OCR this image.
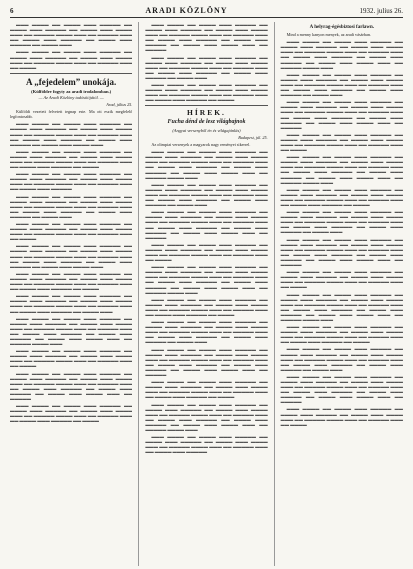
6	ARADI KÖZLÖNY	1932. julius 26.

▬▬▬ ▬▬▬▬ ▬▬ ▬▬▬▬ ▬▬▬ ▬▬▬▬▬ ▬▬ ▬▬▬▬ ▬▬▬ ▬▬▬▬▬ ▬▬ ▬▬▬▬ ▬▬▬ ▬▬▬▬ ▬▬▬ ▬▬ ▬▬▬▬▬ ▬▬▬▬ ▬▬▬ ▬▬ ▬▬▬▬▬ ▬▬▬ ▬▬ ▬▬▬▬ ▬▬▬ ▬▬▬▬▬ ▬▬ ▬▬▬▬ ▬▬▬ ▬▬▬▬▬ ▬▬ ▬▬▬▬ ▬▬▬

▬▬▬ ▬▬▬▬ ▬▬ ▬▬▬▬ ▬▬▬ ▬▬▬▬▬ ▬▬ ▬▬▬▬ ▬▬▬ ▬▬▬▬▬ ▬▬ ▬▬▬▬ ▬▬▬ ▬▬▬▬ ▬▬▬ ▬▬ ▬▬▬▬▬ ▬▬▬▬ ▬▬▬ ▬▬ ▬▬▬▬▬ ▬▬▬ ▬▬ ▬▬▬▬

A „fejedelem” unokája.
(Külföldre fogyty az aradi irodalomban.)
— Az Aradi Közlöny tudósítójától. —
Arad, július 25.

Külföldi vezetett felvetett tegnap este. Ma ott eszik megfelelő legfontosabb.

▬▬▬ ▬▬▬▬ ▬▬ ▬▬▬▬ ▬▬▬ ▬▬▬▬▬ ▬▬ ▬▬▬▬ ▬▬▬ ▬▬▬▬▬ ▬▬ ▬▬▬▬ ▬▬▬ ▬▬▬▬ ▬▬▬ ▬▬ ▬▬▬▬▬ ▬▬▬▬ ▬▬▬ ▬▬ ▬▬▬▬▬ ▬▬▬ ▬▬ ▬▬▬▬ ▬▬▬ ▬▬▬▬▬ ▬▬ ▬▬▬▬ ▬▬▬ ▬▬▬▬▬ ▬▬ ▬▬▬▬ ▬▬▬ ▬▬▬▬ ▬▬▬

▬▬▬ ▬▬▬▬ ▬▬ ▬▬▬▬ ▬▬▬ ▬▬▬▬▬ ▬▬ ▬▬▬▬ ▬▬▬ ▬▬▬▬▬ ▬▬ ▬▬▬▬ ▬▬▬ ▬▬▬▬ ▬▬▬ ▬▬ ▬▬▬▬▬ ▬▬▬▬ ▬▬▬ ▬▬ ▬▬▬▬▬ ▬▬▬ ▬▬ ▬▬▬▬ ▬▬▬ ▬▬▬▬▬ ▬▬ ▬▬▬▬

▬▬▬ ▬▬▬▬ ▬▬ ▬▬▬▬ ▬▬▬ ▬▬▬▬▬ ▬▬ ▬▬▬▬ ▬▬▬ ▬▬▬▬▬ ▬▬ ▬▬▬▬ ▬▬▬ ▬▬▬▬ ▬▬▬ ▬▬ ▬▬▬▬▬ ▬▬▬▬ ▬▬▬ ▬▬ ▬▬▬▬▬ ▬▬▬ ▬▬ ▬▬▬▬ ▬▬▬ ▬▬▬▬▬

▬▬▬ ▬▬▬▬ ▬▬ ▬▬▬▬ ▬▬▬ ▬▬▬▬▬ ▬▬ ▬▬▬▬ ▬▬▬ ▬▬▬▬▬ ▬▬ ▬▬▬▬ ▬▬▬ ▬▬▬▬ ▬▬▬ ▬▬ ▬▬▬▬▬ ▬▬▬▬ ▬▬▬ ▬▬ ▬▬▬▬▬ ▬▬▬ ▬▬ ▬▬▬▬ ▬▬▬ ▬▬▬▬▬ ▬▬ ▬▬▬▬ ▬▬▬ ▬▬▬▬▬ ▬▬ ▬▬▬▬ ▬▬▬

▬▬▬ ▬▬▬▬ ▬▬ ▬▬▬▬ ▬▬▬ ▬▬▬▬▬ ▬▬ ▬▬▬▬ ▬▬▬ ▬▬▬▬▬ ▬▬ ▬▬▬▬ ▬▬▬ ▬▬▬▬ ▬▬▬ ▬▬ ▬▬▬▬▬ ▬▬▬▬ ▬▬▬ ▬▬ ▬▬▬▬▬ ▬▬▬ ▬▬ ▬▬▬▬

▬▬▬ ▬▬▬▬ ▬▬ ▬▬▬▬ ▬▬▬ ▬▬▬▬▬ ▬▬ ▬▬▬▬ ▬▬▬ ▬▬▬▬▬ ▬▬ ▬▬▬▬ ▬▬▬ ▬▬▬▬ ▬▬▬ ▬▬ ▬▬▬▬▬ ▬▬▬▬ ▬▬▬ ▬▬ ▬▬▬▬▬ ▬▬▬ ▬▬ ▬▬▬▬ ▬▬▬ ▬▬▬▬▬ ▬▬ ▬▬▬▬ ▬▬▬ ▬▬▬▬▬ ▬▬ ▬▬▬▬ ▬▬▬ ▬▬▬▬ ▬▬▬

▬▬▬ ▬▬▬▬ ▬▬ ▬▬▬▬ ▬▬▬ ▬▬▬▬▬ ▬▬ ▬▬▬▬ ▬▬▬ ▬▬▬▬▬ ▬▬ ▬▬▬▬ ▬▬▬ ▬▬▬▬ ▬▬▬ ▬▬ ▬▬▬▬▬ ▬▬▬▬ ▬▬▬ ▬▬ ▬▬▬▬▬ ▬▬▬ ▬▬ ▬▬▬▬ ▬▬▬ ▬▬▬▬▬ ▬▬ ▬▬▬▬

▬▬▬ ▬▬▬▬ ▬▬ ▬▬▬▬ ▬▬▬ ▬▬▬▬▬ ▬▬ ▬▬▬▬ ▬▬▬ ▬▬▬▬▬ ▬▬ ▬▬▬▬ ▬▬▬ ▬▬▬▬ ▬▬▬ ▬▬ ▬▬▬▬▬ ▬▬▬▬ ▬▬▬ ▬▬ ▬▬▬▬▬ ▬▬▬ ▬▬ ▬▬▬▬ ▬▬▬ ▬▬▬▬▬ ▬▬ ▬▬▬▬ ▬▬▬

▬▬▬ ▬▬▬▬ ▬▬ ▬▬▬▬ ▬▬▬ ▬▬▬▬▬ ▬▬ ▬▬▬▬ ▬▬▬ ▬▬▬▬▬ ▬▬ ▬▬▬▬ ▬▬▬ ▬▬▬▬ ▬▬▬ ▬▬ ▬▬▬▬▬ ▬▬▬▬ ▬▬▬ ▬▬ ▬▬▬▬▬ ▬▬▬ ▬▬ ▬▬▬▬ ▬▬▬ ▬▬▬▬▬ ▬▬ ▬▬▬▬ ▬▬▬ ▬▬▬▬▬ ▬▬ ▬▬▬▬ ▬▬▬ ▬▬▬▬ ▬▬▬ ▬▬ ▬▬▬▬▬ ▬▬▬▬ ▬▬▬

▬▬▬ ▬▬▬▬ ▬▬ ▬▬▬▬ ▬▬▬ ▬▬▬▬▬ ▬▬ ▬▬▬▬ ▬▬▬ ▬▬▬▬▬ ▬▬ ▬▬▬▬ ▬▬▬ ▬▬▬▬ ▬▬▬ ▬▬ ▬▬▬▬▬ ▬▬▬▬ ▬▬▬ ▬▬ ▬▬▬▬▬ ▬▬▬ ▬▬ ▬▬▬▬

▬▬▬ ▬▬▬▬ ▬▬ ▬▬▬▬ ▬▬▬ ▬▬▬▬▬ ▬▬ ▬▬▬▬ ▬▬▬ ▬▬▬▬▬ ▬▬ ▬▬▬▬ ▬▬▬ ▬▬▬▬ ▬▬▬ ▬▬ ▬▬▬▬▬ ▬▬▬▬ ▬▬▬ ▬▬ ▬▬▬▬▬ ▬▬▬ ▬▬ ▬▬▬▬ ▬▬▬ ▬▬▬▬▬ ▬▬ ▬▬▬▬ ▬▬▬ ▬▬▬▬▬ ▬▬ ▬▬▬▬ ▬▬▬ ▬▬▬▬ ▬▬▬ ▬▬ ▬▬▬▬▬

▬▬▬ ▬▬▬▬ ▬▬ ▬▬▬▬ ▬▬▬ ▬▬▬▬▬ ▬▬ ▬▬▬▬ ▬▬▬ ▬▬▬▬▬ ▬▬ ▬▬▬▬ ▬▬▬ ▬▬▬▬ ▬▬▬ ▬▬ ▬▬▬▬▬ ▬▬▬▬ ▬▬▬ ▬▬ ▬▬▬▬▬ ▬▬▬ ▬▬ ▬▬▬▬ ▬▬▬ ▬▬▬▬▬ ▬▬ ▬▬▬▬

▬▬▬ ▬▬▬▬ ▬▬ ▬▬▬▬ ▬▬▬ ▬▬▬▬▬ ▬▬ ▬▬▬▬ ▬▬▬ ▬▬▬▬▬ ▬▬ ▬▬▬▬ ▬▬▬ ▬▬▬▬ ▬▬▬ ▬▬ ▬▬▬▬▬ ▬▬▬▬ ▬▬▬ ▬▬ ▬▬▬▬▬ ▬▬▬ ▬▬ ▬▬▬▬ ▬▬▬ ▬▬▬▬▬ ▬▬ ▬▬▬▬ ▬▬▬ ▬▬▬▬▬ ▬▬ ▬▬▬▬ ▬▬▬ ▬▬▬▬ ▬▬▬ ▬▬ ▬▬▬▬▬

▬▬▬ ▬▬▬▬ ▬▬ ▬▬▬▬ ▬▬▬ ▬▬▬▬▬ ▬▬ ▬▬▬▬ ▬▬▬ ▬▬▬▬▬ ▬▬ ▬▬▬▬ ▬▬▬ ▬▬▬▬ ▬▬▬ ▬▬ ▬▬▬▬▬ ▬▬▬▬ ▬▬▬ ▬▬ ▬▬▬▬▬ ▬▬▬ ▬▬ ▬▬▬▬ ▬▬▬ ▬▬▬▬▬ ▬▬ ▬▬▬▬ ▬▬▬ ▬▬▬▬▬ ▬▬ ▬▬▬▬ ▬▬▬

▬▬▬ ▬▬▬▬ ▬▬ ▬▬▬▬ ▬▬▬ ▬▬▬▬▬ ▬▬ ▬▬▬▬ ▬▬▬ ▬▬▬▬▬ ▬▬ ▬▬▬▬ ▬▬▬ ▬▬▬▬ ▬▬▬ ▬▬ ▬▬▬▬▬ ▬▬▬▬ ▬▬▬ ▬▬ ▬▬▬▬▬ ▬▬▬ ▬▬ ▬▬▬▬ ▬▬▬ ▬▬▬▬▬ ▬▬ ▬▬▬▬

HÍREK.
Fucha dénd de lesz világbajnok
(Angyai versenyből én és világajánlás)
Budapest, júl. 25.

Az olimpiai versenyek a magyarok nagy reményei sikerrel.

▬▬▬ ▬▬▬▬ ▬▬ ▬▬▬▬ ▬▬▬ ▬▬▬▬▬ ▬▬ ▬▬▬▬ ▬▬▬ ▬▬▬▬▬ ▬▬ ▬▬▬▬ ▬▬▬ ▬▬▬▬ ▬▬▬ ▬▬ ▬▬▬▬▬ ▬▬▬▬ ▬▬▬ ▬▬ ▬▬▬▬▬ ▬▬▬ ▬▬ ▬▬▬▬ ▬▬▬ ▬▬▬▬▬ ▬▬ ▬▬▬▬ ▬▬▬ ▬▬▬▬▬ ▬▬ ▬▬▬▬ ▬▬▬ ▬▬▬▬ ▬▬▬ ▬▬ ▬▬▬▬▬ ▬▬▬▬ ▬▬▬

▬▬▬ ▬▬▬▬ ▬▬ ▬▬▬▬ ▬▬▬ ▬▬▬▬▬ ▬▬ ▬▬▬▬ ▬▬▬ ▬▬▬▬▬ ▬▬ ▬▬▬▬ ▬▬▬ ▬▬▬▬ ▬▬▬ ▬▬ ▬▬▬▬▬ ▬▬▬▬ ▬▬▬ ▬▬ ▬▬▬▬▬ ▬▬▬ ▬▬ ▬▬▬▬ ▬▬▬ ▬▬▬▬▬ ▬▬ ▬▬▬▬ ▬▬▬ ▬▬▬▬▬ ▬▬ ▬▬▬▬ ▬▬▬

▬▬▬ ▬▬▬▬ ▬▬ ▬▬▬▬ ▬▬▬ ▬▬▬▬▬ ▬▬ ▬▬▬▬ ▬▬▬ ▬▬▬▬▬ ▬▬ ▬▬▬▬ ▬▬▬ ▬▬▬▬ ▬▬▬ ▬▬ ▬▬▬▬▬ ▬▬▬▬ ▬▬▬ ▬▬ ▬▬▬▬▬ ▬▬▬ ▬▬ ▬▬▬▬ ▬▬▬ ▬▬▬▬▬ ▬▬ ▬▬▬▬ ▬▬▬ ▬▬▬▬▬ ▬▬ ▬▬▬▬ ▬▬▬ ▬▬▬▬ ▬▬▬ ▬▬ ▬▬▬▬▬

▬▬▬ ▬▬▬▬ ▬▬ ▬▬▬▬ ▬▬▬ ▬▬▬▬▬ ▬▬ ▬▬▬▬ ▬▬▬ ▬▬▬▬▬ ▬▬ ▬▬▬▬ ▬▬▬ ▬▬▬▬ ▬▬▬ ▬▬ ▬▬▬▬▬ ▬▬▬▬ ▬▬▬ ▬▬ ▬▬▬▬▬ ▬▬▬ ▬▬ ▬▬▬▬

▬▬▬ ▬▬▬▬ ▬▬ ▬▬▬▬ ▬▬▬ ▬▬▬▬▬ ▬▬ ▬▬▬▬ ▬▬▬ ▬▬▬▬▬ ▬▬ ▬▬▬▬ ▬▬▬ ▬▬▬▬ ▬▬▬ ▬▬ ▬▬▬▬▬ ▬▬▬▬ ▬▬▬ ▬▬ ▬▬▬▬▬ ▬▬▬ ▬▬ ▬▬▬▬ ▬▬▬ ▬▬▬▬▬ ▬▬ ▬▬▬▬ ▬▬▬ ▬▬▬▬▬ ▬▬ ▬▬▬▬ ▬▬▬ ▬▬▬▬ ▬▬▬ ▬▬ ▬▬▬▬▬ ▬▬▬▬ ▬▬▬

▬▬▬ ▬▬▬▬ ▬▬ ▬▬▬▬ ▬▬▬ ▬▬▬▬▬ ▬▬ ▬▬▬▬ ▬▬▬ ▬▬▬▬▬ ▬▬ ▬▬▬▬ ▬▬▬ ▬▬▬▬ ▬▬▬ ▬▬ ▬▬▬▬▬ ▬▬▬▬ ▬▬▬ ▬▬ ▬▬▬▬▬ ▬▬▬ ▬▬ ▬▬▬▬ ▬▬▬ ▬▬▬▬▬ ▬▬ ▬▬▬▬

▬▬▬ ▬▬▬▬ ▬▬ ▬▬▬▬ ▬▬▬ ▬▬▬▬▬ ▬▬ ▬▬▬▬ ▬▬▬ ▬▬▬▬▬ ▬▬ ▬▬▬▬ ▬▬▬ ▬▬▬▬ ▬▬▬ ▬▬ ▬▬▬▬▬ ▬▬▬▬ ▬▬▬ ▬▬ ▬▬▬▬▬ ▬▬▬ ▬▬ ▬▬▬▬ ▬▬▬ ▬▬▬▬▬ ▬▬ ▬▬▬▬ ▬▬▬ ▬▬▬▬▬ ▬▬ ▬▬▬▬ ▬▬▬

▬▬▬ ▬▬▬▬ ▬▬ ▬▬▬▬ ▬▬▬ ▬▬▬▬▬ ▬▬ ▬▬▬▬ ▬▬▬ ▬▬▬▬▬ ▬▬ ▬▬▬▬ ▬▬▬ ▬▬▬▬ ▬▬▬ ▬▬ ▬▬▬▬▬ ▬▬▬▬ ▬▬▬ ▬▬ ▬▬▬▬▬ ▬▬▬ ▬▬ ▬▬▬▬ ▬▬▬ ▬▬▬▬▬ ▬▬ ▬▬▬▬ ▬▬▬ ▬▬▬▬▬ ▬▬ ▬▬▬▬ ▬▬▬ ▬▬▬▬ ▬▬▬ ▬▬ ▬▬▬▬▬

▬▬▬ ▬▬▬▬ ▬▬ ▬▬▬▬ ▬▬▬ ▬▬▬▬▬ ▬▬ ▬▬▬▬ ▬▬▬ ▬▬▬▬▬ ▬▬ ▬▬▬▬ ▬▬▬ ▬▬▬▬ ▬▬▬ ▬▬ ▬▬▬▬▬ ▬▬▬▬ ▬▬▬ ▬▬ ▬▬▬▬▬ ▬▬▬ ▬▬ ▬▬▬▬ ▬▬▬ ▬▬▬▬▬ ▬▬ ▬▬▬▬

▬▬▬ ▬▬▬▬ ▬▬ ▬▬▬▬ ▬▬▬ ▬▬▬▬▬ ▬▬ ▬▬▬▬ ▬▬▬ ▬▬▬▬▬ ▬▬ ▬▬▬▬ ▬▬▬ ▬▬▬▬ ▬▬▬ ▬▬ ▬▬▬▬▬ ▬▬▬▬ ▬▬▬ ▬▬ ▬▬▬▬▬ ▬▬▬ ▬▬ ▬▬▬▬ ▬▬▬ ▬▬▬▬▬ ▬▬ ▬▬▬▬ ▬▬▬ ▬▬▬▬▬ ▬▬ ▬▬▬▬ ▬▬▬ ▬▬▬▬ ▬▬▬ ▬▬ ▬▬▬▬▬ ▬▬▬▬ ▬▬▬

▬▬▬ ▬▬▬▬ ▬▬ ▬▬▬▬ ▬▬▬ ▬▬▬▬▬ ▬▬ ▬▬▬▬ ▬▬▬ ▬▬▬▬▬ ▬▬ ▬▬▬▬ ▬▬▬ ▬▬▬▬ ▬▬▬ ▬▬ ▬▬▬▬▬ ▬▬▬▬ ▬▬▬ ▬▬ ▬▬▬▬▬ ▬▬▬ ▬▬ ▬▬▬▬ ▬▬▬ ▬▬▬▬▬

A helyrag-égésbiztosi farlawn.

Mind a menny kanyon menyek, az aradi vásárban.

▬▬▬ ▬▬▬▬ ▬▬ ▬▬▬▬ ▬▬▬ ▬▬▬▬▬ ▬▬ ▬▬▬▬ ▬▬▬ ▬▬▬▬▬ ▬▬ ▬▬▬▬ ▬▬▬ ▬▬▬▬ ▬▬▬ ▬▬ ▬▬▬▬▬ ▬▬▬▬ ▬▬▬ ▬▬ ▬▬▬▬▬ ▬▬▬ ▬▬ ▬▬▬▬ ▬▬▬ ▬▬▬▬▬ ▬▬ ▬▬▬▬ ▬▬▬ ▬▬▬▬▬ ▬▬ ▬▬▬▬ ▬▬▬ ▬▬▬▬ ▬▬▬ ▬▬ ▬▬▬▬▬ ▬▬▬▬ ▬▬▬

▬▬▬ ▬▬▬▬ ▬▬ ▬▬▬▬ ▬▬▬ ▬▬▬▬▬ ▬▬ ▬▬▬▬ ▬▬▬ ▬▬▬▬▬ ▬▬ ▬▬▬▬ ▬▬▬ ▬▬▬▬ ▬▬▬ ▬▬ ▬▬▬▬▬ ▬▬▬▬ ▬▬▬ ▬▬ ▬▬▬▬▬ ▬▬▬ ▬▬ ▬▬▬▬ ▬▬▬ ▬▬▬▬▬ ▬▬ ▬▬▬▬ ▬▬▬ ▬▬▬▬▬ ▬▬ ▬▬▬▬ ▬▬▬

▬▬▬ ▬▬▬▬ ▬▬ ▬▬▬▬ ▬▬▬ ▬▬▬▬▬ ▬▬ ▬▬▬▬ ▬▬▬ ▬▬▬▬▬ ▬▬ ▬▬▬▬ ▬▬▬ ▬▬▬▬ ▬▬▬ ▬▬ ▬▬▬▬▬ ▬▬▬▬ ▬▬▬ ▬▬ ▬▬▬▬▬ ▬▬▬ ▬▬ ▬▬▬▬ ▬▬▬ ▬▬▬▬▬ ▬▬ ▬▬▬▬ ▬▬▬ ▬▬▬▬▬ ▬▬ ▬▬▬▬ ▬▬▬ ▬▬▬▬ ▬▬▬ ▬▬ ▬▬▬▬▬

▬▬▬ ▬▬▬▬ ▬▬ ▬▬▬▬ ▬▬▬ ▬▬▬▬▬ ▬▬ ▬▬▬▬ ▬▬▬ ▬▬▬▬▬ ▬▬ ▬▬▬▬ ▬▬▬ ▬▬▬▬ ▬▬▬ ▬▬ ▬▬▬▬▬ ▬▬▬▬ ▬▬▬ ▬▬ ▬▬▬▬▬ ▬▬▬ ▬▬ ▬▬▬▬

▬▬▬ ▬▬▬▬ ▬▬ ▬▬▬▬ ▬▬▬ ▬▬▬▬▬ ▬▬ ▬▬▬▬ ▬▬▬ ▬▬▬▬▬ ▬▬ ▬▬▬▬ ▬▬▬ ▬▬▬▬ ▬▬▬ ▬▬ ▬▬▬▬▬ ▬▬▬▬ ▬▬▬ ▬▬ ▬▬▬▬▬ ▬▬▬ ▬▬ ▬▬▬▬ ▬▬▬ ▬▬▬▬▬ ▬▬ ▬▬▬▬ ▬▬▬ ▬▬▬▬▬ ▬▬ ▬▬▬▬ ▬▬▬ ▬▬▬▬ ▬▬▬ ▬▬ ▬▬▬▬▬ ▬▬▬▬ ▬▬▬

▬▬▬ ▬▬▬▬ ▬▬ ▬▬▬▬ ▬▬▬ ▬▬▬▬▬ ▬▬ ▬▬▬▬ ▬▬▬ ▬▬▬▬▬ ▬▬ ▬▬▬▬ ▬▬▬ ▬▬▬▬ ▬▬▬ ▬▬ ▬▬▬▬▬ ▬▬▬▬ ▬▬▬ ▬▬ ▬▬▬▬▬ ▬▬▬ ▬▬ ▬▬▬▬ ▬▬▬ ▬▬▬▬▬ ▬▬ ▬▬▬▬

▬▬▬ ▬▬▬▬ ▬▬ ▬▬▬▬ ▬▬▬ ▬▬▬▬▬ ▬▬ ▬▬▬▬ ▬▬▬ ▬▬▬▬▬ ▬▬ ▬▬▬▬ ▬▬▬ ▬▬▬▬ ▬▬▬ ▬▬ ▬▬▬▬▬ ▬▬▬▬ ▬▬▬ ▬▬ ▬▬▬▬▬ ▬▬▬ ▬▬ ▬▬▬▬ ▬▬▬ ▬▬▬▬▬ ▬▬ ▬▬▬▬ ▬▬▬ ▬▬▬▬▬ ▬▬ ▬▬▬▬ ▬▬▬

▬▬▬ ▬▬▬▬ ▬▬ ▬▬▬▬ ▬▬▬ ▬▬▬▬▬ ▬▬ ▬▬▬▬ ▬▬▬ ▬▬▬▬▬ ▬▬ ▬▬▬▬ ▬▬▬ ▬▬▬▬ ▬▬▬ ▬▬ ▬▬▬▬▬ ▬▬▬▬ ▬▬▬ ▬▬ ▬▬▬▬▬ ▬▬▬ ▬▬ ▬▬▬▬ ▬▬▬ ▬▬▬▬▬ ▬▬ ▬▬▬▬ ▬▬▬ ▬▬▬▬▬ ▬▬ ▬▬▬▬ ▬▬▬ ▬▬▬▬ ▬▬▬ ▬▬ ▬▬▬▬▬

▬▬▬ ▬▬▬▬ ▬▬ ▬▬▬▬ ▬▬▬ ▬▬▬▬▬ ▬▬ ▬▬▬▬ ▬▬▬ ▬▬▬▬▬ ▬▬ ▬▬▬▬ ▬▬▬ ▬▬▬▬ ▬▬▬ ▬▬ ▬▬▬▬▬ ▬▬▬▬ ▬▬▬ ▬▬ ▬▬▬▬▬ ▬▬▬ ▬▬ ▬▬▬▬

▬▬▬ ▬▬▬▬ ▬▬ ▬▬▬▬ ▬▬▬ ▬▬▬▬▬ ▬▬ ▬▬▬▬ ▬▬▬ ▬▬▬▬▬ ▬▬ ▬▬▬▬ ▬▬▬ ▬▬▬▬ ▬▬▬ ▬▬ ▬▬▬▬▬ ▬▬▬▬ ▬▬▬ ▬▬ ▬▬▬▬▬ ▬▬▬ ▬▬ ▬▬▬▬ ▬▬▬ ▬▬▬▬▬ ▬▬ ▬▬▬▬ ▬▬▬ ▬▬▬▬▬ ▬▬ ▬▬▬▬ ▬▬▬ ▬▬▬▬ ▬▬▬ ▬▬ ▬▬▬▬▬ ▬▬▬▬ ▬▬▬

▬▬▬ ▬▬▬▬ ▬▬ ▬▬▬▬ ▬▬▬ ▬▬▬▬▬ ▬▬ ▬▬▬▬ ▬▬▬ ▬▬▬▬▬ ▬▬ ▬▬▬▬ ▬▬▬ ▬▬▬▬ ▬▬▬ ▬▬ ▬▬▬▬▬ ▬▬▬▬ ▬▬▬ ▬▬ ▬▬▬▬▬ ▬▬▬ ▬▬ ▬▬▬▬ ▬▬▬ ▬▬▬▬▬ ▬▬ ▬▬▬▬

▬▬▬ ▬▬▬▬ ▬▬ ▬▬▬▬ ▬▬▬ ▬▬▬▬▬ ▬▬ ▬▬▬▬ ▬▬▬ ▬▬▬▬▬ ▬▬ ▬▬▬▬ ▬▬▬ ▬▬▬▬ ▬▬▬ ▬▬ ▬▬▬▬▬ ▬▬▬▬ ▬▬▬ ▬▬ ▬▬▬▬▬ ▬▬▬ ▬▬ ▬▬▬▬ ▬▬▬ ▬▬▬▬▬ ▬▬ ▬▬▬▬ ▬▬▬ ▬▬▬▬▬ ▬▬ ▬▬▬▬ ▬▬▬

▬▬▬ ▬▬▬▬ ▬▬ ▬▬▬▬ ▬▬▬ ▬▬▬▬▬ ▬▬ ▬▬▬▬ ▬▬▬ ▬▬▬▬▬ ▬▬ ▬▬▬▬ ▬▬▬ ▬▬▬▬ ▬▬▬ ▬▬ ▬▬▬▬▬ ▬▬▬▬ ▬▬▬ ▬▬ ▬▬▬▬▬ ▬▬▬ ▬▬ ▬▬▬▬ ▬▬▬ ▬▬▬▬▬ ▬▬ ▬▬▬▬ ▬▬▬ ▬▬▬▬▬ ▬▬ ▬▬▬▬ ▬▬▬ ▬▬▬▬ ▬▬▬ ▬▬ ▬▬▬▬▬

▬▬▬ ▬▬▬▬ ▬▬ ▬▬▬▬ ▬▬▬ ▬▬▬▬▬ ▬▬ ▬▬▬▬ ▬▬▬ ▬▬▬▬▬ ▬▬ ▬▬▬▬ ▬▬▬ ▬▬▬▬ ▬▬▬ ▬▬ ▬▬▬▬▬ ▬▬▬▬ ▬▬▬ ▬▬ ▬▬▬▬▬ ▬▬▬ ▬▬ ▬▬▬▬
